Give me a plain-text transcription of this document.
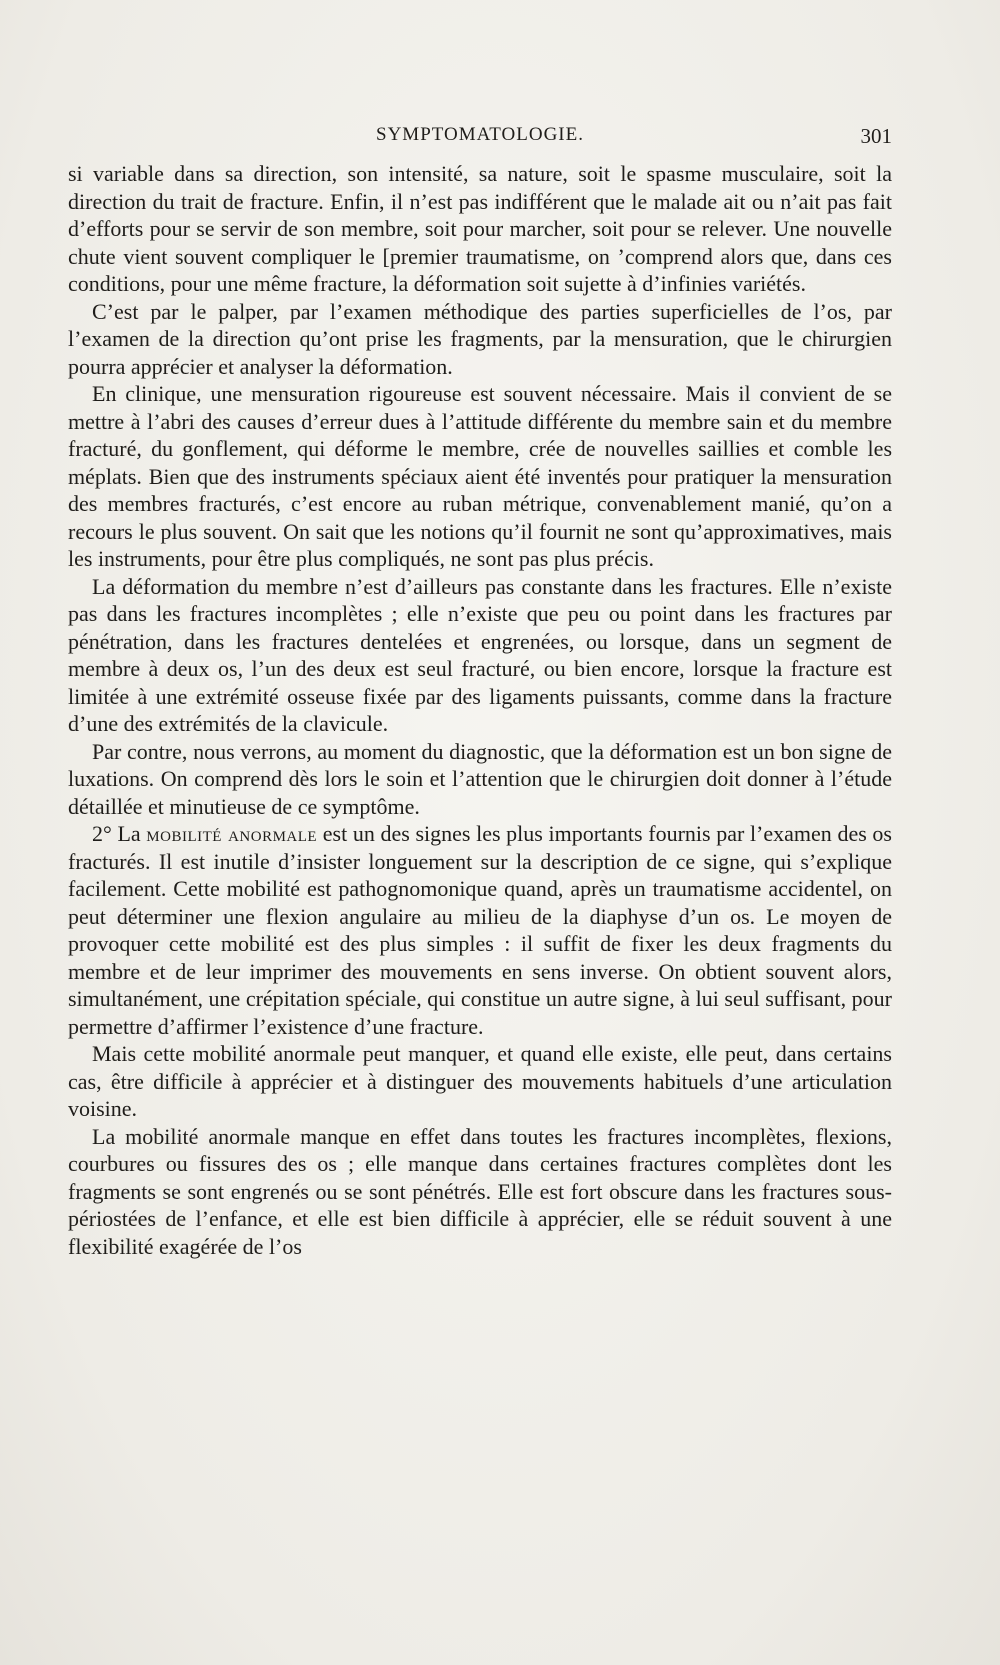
SYMPTOMATOLOGIE.	301

si variable dans sa direction, son intensité, sa nature, soit le spasme musculaire, soit la direction du trait de fracture. Enfin, il n’est pas indifférent que le malade ait ou n’ait pas fait d’efforts pour se servir de son membre, soit pour marcher, soit pour se relever. Une nouvelle chute vient souvent compliquer le [premier traumatisme, on ’comprend alors que, dans ces conditions, pour une même fracture, la déformation soit sujette à d’infinies variétés.

C’est par le palper, par l’examen méthodique des parties superficielles de l’os, par l’examen de la direction qu’ont prise les fragments, par la mensuration, que le chirurgien pourra apprécier et analyser la déformation.

En clinique, une mensuration rigoureuse est souvent nécessaire. Mais il convient de se mettre à l’abri des causes d’erreur dues à l’attitude différente du membre sain et du membre fracturé, du gonflement, qui déforme le membre, crée de nouvelles saillies et comble les méplats. Bien que des instruments spéciaux aient été inventés pour pratiquer la mensuration des membres fracturés, c’est encore au ruban métrique, convenablement manié, qu’on a recours le plus souvent. On sait que les notions qu’il fournit ne sont qu’approximatives, mais les instruments, pour être plus compliqués, ne sont pas plus précis.

La déformation du membre n’est d’ailleurs pas constante dans les fractures. Elle n’existe pas dans les fractures incomplètes ; elle n’existe que peu ou point dans les fractures par pénétration, dans les fractures dentelées et engrenées, ou lorsque, dans un segment de membre à deux os, l’un des deux est seul fracturé, ou bien encore, lorsque la fracture est limitée à une extrémité osseuse fixée par des ligaments puissants, comme dans la fracture d’une des extrémités de la clavicule.

Par contre, nous verrons, au moment du diagnostic, que la déformation est un bon signe de luxations. On comprend dès lors le soin et l’attention que le chirurgien doit donner à l’étude détaillée et minutieuse de ce symptôme.

2° La mobilité anormale est un des signes les plus importants fournis par l’examen des os fracturés. Il est inutile d’insister longuement sur la description de ce signe, qui s’explique facilement. Cette mobilité est pathognomonique quand, après un traumatisme accidentel, on peut déterminer une flexion angulaire au milieu de la diaphyse d’un os. Le moyen de provoquer cette mobilité est des plus simples : il suffit de fixer les deux fragments du membre et de leur imprimer des mouvements en sens inverse. On obtient souvent alors, simultanément, une crépitation spéciale, qui constitue un autre signe, à lui seul suffisant, pour permettre d’affirmer l’existence d’une fracture.

Mais cette mobilité anormale peut manquer, et quand elle existe, elle peut, dans certains cas, être difficile à apprécier et à distinguer des mouvements habituels d’une articulation voisine.

La mobilité anormale manque en effet dans toutes les fractures incomplètes, flexions, courbures ou fissures des os ; elle manque dans certaines fractures complètes dont les fragments se sont engrenés ou se sont pénétrés. Elle est fort obscure dans les fractures sous-périostées de l’enfance, et elle est bien difficile à apprécier, elle se réduit souvent à une flexibilité exagérée de l’os
